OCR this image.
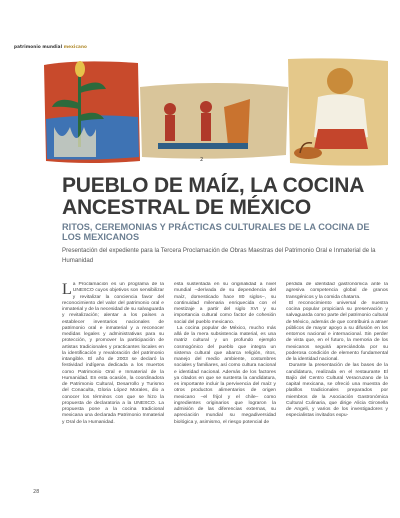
patrimonio mundial mexicano
2
PUEBLO DE MAÍZ, LA COCINA ANCESTRAL DE MÉXICO
RITOS, CEREMONIAS Y PRÁCTICAS CULTURALES DE LA COCINA DE LOS MEXICANOS

Presentación del expediente para la Tercera Proclamación de Obras Maestras del Patrimonio Oral e Inmaterial de la Humanidad

La Proclamación es un programa de la UNESCO cuyos objetivos son sensibilizar y revitalizar la conciencia favor del reconocimiento del valor del patrimonio oral e inmaterial y de la necesidad de su salvaguarda y revitalización; alentar a los países a establecer inventarios nacionales de patrimonio oral e inmaterial y a reconocer medidas legales y administrativas para su protección, y promover la participación de artistas tradicionales y practicantes locales en la identificación y revaloración del patrimonio intangible. El año de 2003 se declaró la festividad indígena dedicada a los muertos como Patrimonio Oral e Inmaterial de la Humanidad. En esta ocasión, la coordinadora de Patrimonio Cultural, Desarrollo y Turismo del Conaculta, Gloria López Morales, dio a conocer los términos con que se hizo la propuesta de declaratoria a la UNESCO. La propuesta pone a la cocina tradicional mexicana una declarada Patrimonio Inmaterial y Oral de la Humanidad.

esta sustentada en su originalidad a nivel mundial –derivada de su dependencia del maíz, domesticado hace 80 siglos–, su continuidad milenaria enriquecida con el mestizaje a partir del siglo XVI y su importancia cultural como factor de cohesión social del pueblo mexicano.

La cocina popular de México, mucho más allá de la mera subsistencia material, es una matriz cultural y un profundo ejemplo cosmogónico del pueblo que integra un sistema cultural que abarca religión, ritos, manejo del medio ambiente, costumbres sociales y familiares, así como cultura nacional e identidad nacional. Además de los factores ya citados en que se sustenta la candidatura, es importante incluir la pervivencia del maíz y otros productos alimentarios de origen mexicano –el frijol y el chile– como ingredientes originarios que lograron la admisión de las diferencias externas, su apreciación mundial su megadiversidad biológica y, asimismo, el riesgo potencial de

pérdida de identidad gastronómica ante la agresiva competencia global de granos transgénicos y la comida chatarra.

El reconocimiento universal de nuestra cocina popular propiciará su preservación y salvaguarda como parte del patrimonio cultural de México, además de que contribuirá a atraer públicos de mayor apoyo a su difusión en los entornos nacional e internacional. Sin perder de vista que, en el futuro, la memoria de los mexicanos seguirá apreciándola por su poderosa condición de elemento fundamental de la identidad nacional.

Durante la presentación de las bases de la candidatura, realizada en el restaurante El Bajío del Centro Cultural Veracruzano de la capital mexicana, se ofreció una muestra de platillos tradicionales preparados por miembros de la Asociación Gastronómica Cultural Culinaria, que dirige Alicia Gironella de Angeli, y varios de los investigadores y especialistas invitados expu-

28
